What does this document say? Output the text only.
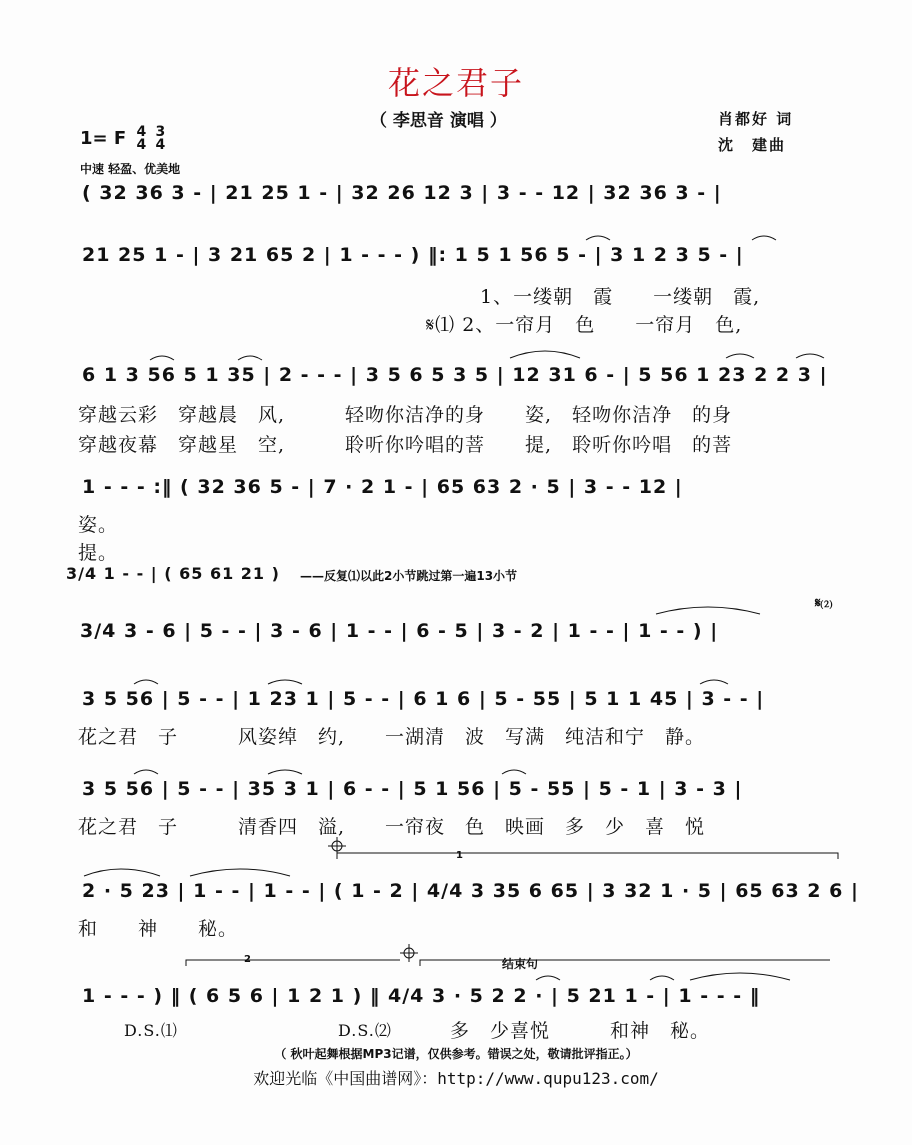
花之君子
（ 李思音 演唱 ）	肖都好 词
沈　建曲
1= F 4
4 3
4
中速 轻盈、优美地
( 32 36 3 - | 21 25 1 - | 32 26 12 3 | 3 - - 12 | 32 36 3 - |
21 25 1 - | 3 21 65 2 | 1 - - - ) ‖: 1 5 1 56 5 - | 3 1 2 3 5 - |
1、一缕朝　霞　　一缕朝　霞,
𝄋⑴ 2、一帘月　色　　一帘月　色,
6 1 3 56 5 1 35 | 2 - - - | 3 5 6 5 3 5 | 12 31 6 - | 5 56 1 23 2 2 3 |
穿越云彩　穿越晨　风,　　　轻吻你洁净的身　　姿,　轻吻你洁净　的身
穿越夜幕　穿越星　空,　　　聆听你吟唱的菩　　提,　聆听你吟唱　的菩
1 - - - :‖ ( 32 36 5 - | 7 · 2 1 - | 65 63 2 · 5 | 3 - - 12 |
姿。
提。
3/4 1 - - | ( 65 61 21 ) ——反复⑴以此2小节跳过第一遍13小节
𝄋⑵
3/4 3 - 6 | 5 - - | 3 - 6 | 1 - - | 6 - 5 | 3 - 2 | 1 - - | 1 - - ) |
3 5 56 | 5 - - | 1 23 1 | 5 - - | 6 1 6 | 5 - 55 | 5 1 1 45 | 3 - - |
花之君　子　　　风姿绰　约,　　一湖清　波　写满　纯洁和宁　静。
3 5 56 | 5 - - | 35 3 1 | 6 - - | 5 1 56 | 5 - 55 | 5 - 1 | 3 - 3 |
花之君　子　　　清香四　溢,　　一帘夜　色　映画　多　少　喜　悦
1
2 · 5 23 | 1 - - | 1 - - | ( 1 - 2 | 4/4 3 35 6 65 | 3 32 1 · 5 | 65 63 2 6 |
和　　神　　秘。
2	结束句
1 - - - ) ‖ ( 6 5 6 | 1 2 1 ) ‖ 4/4 3 · 5 2 2 · | 5 21 1 - | 1 - - - ‖
D.S.⑴	D.S.⑵	多　少喜悦　　　和神　秘。
（ 秋叶起舞根据MP3记谱，仅供参考。错误之处，敬请批评指正。）
欢迎光临《中国曲谱网》：http://www.qupu123.com/
